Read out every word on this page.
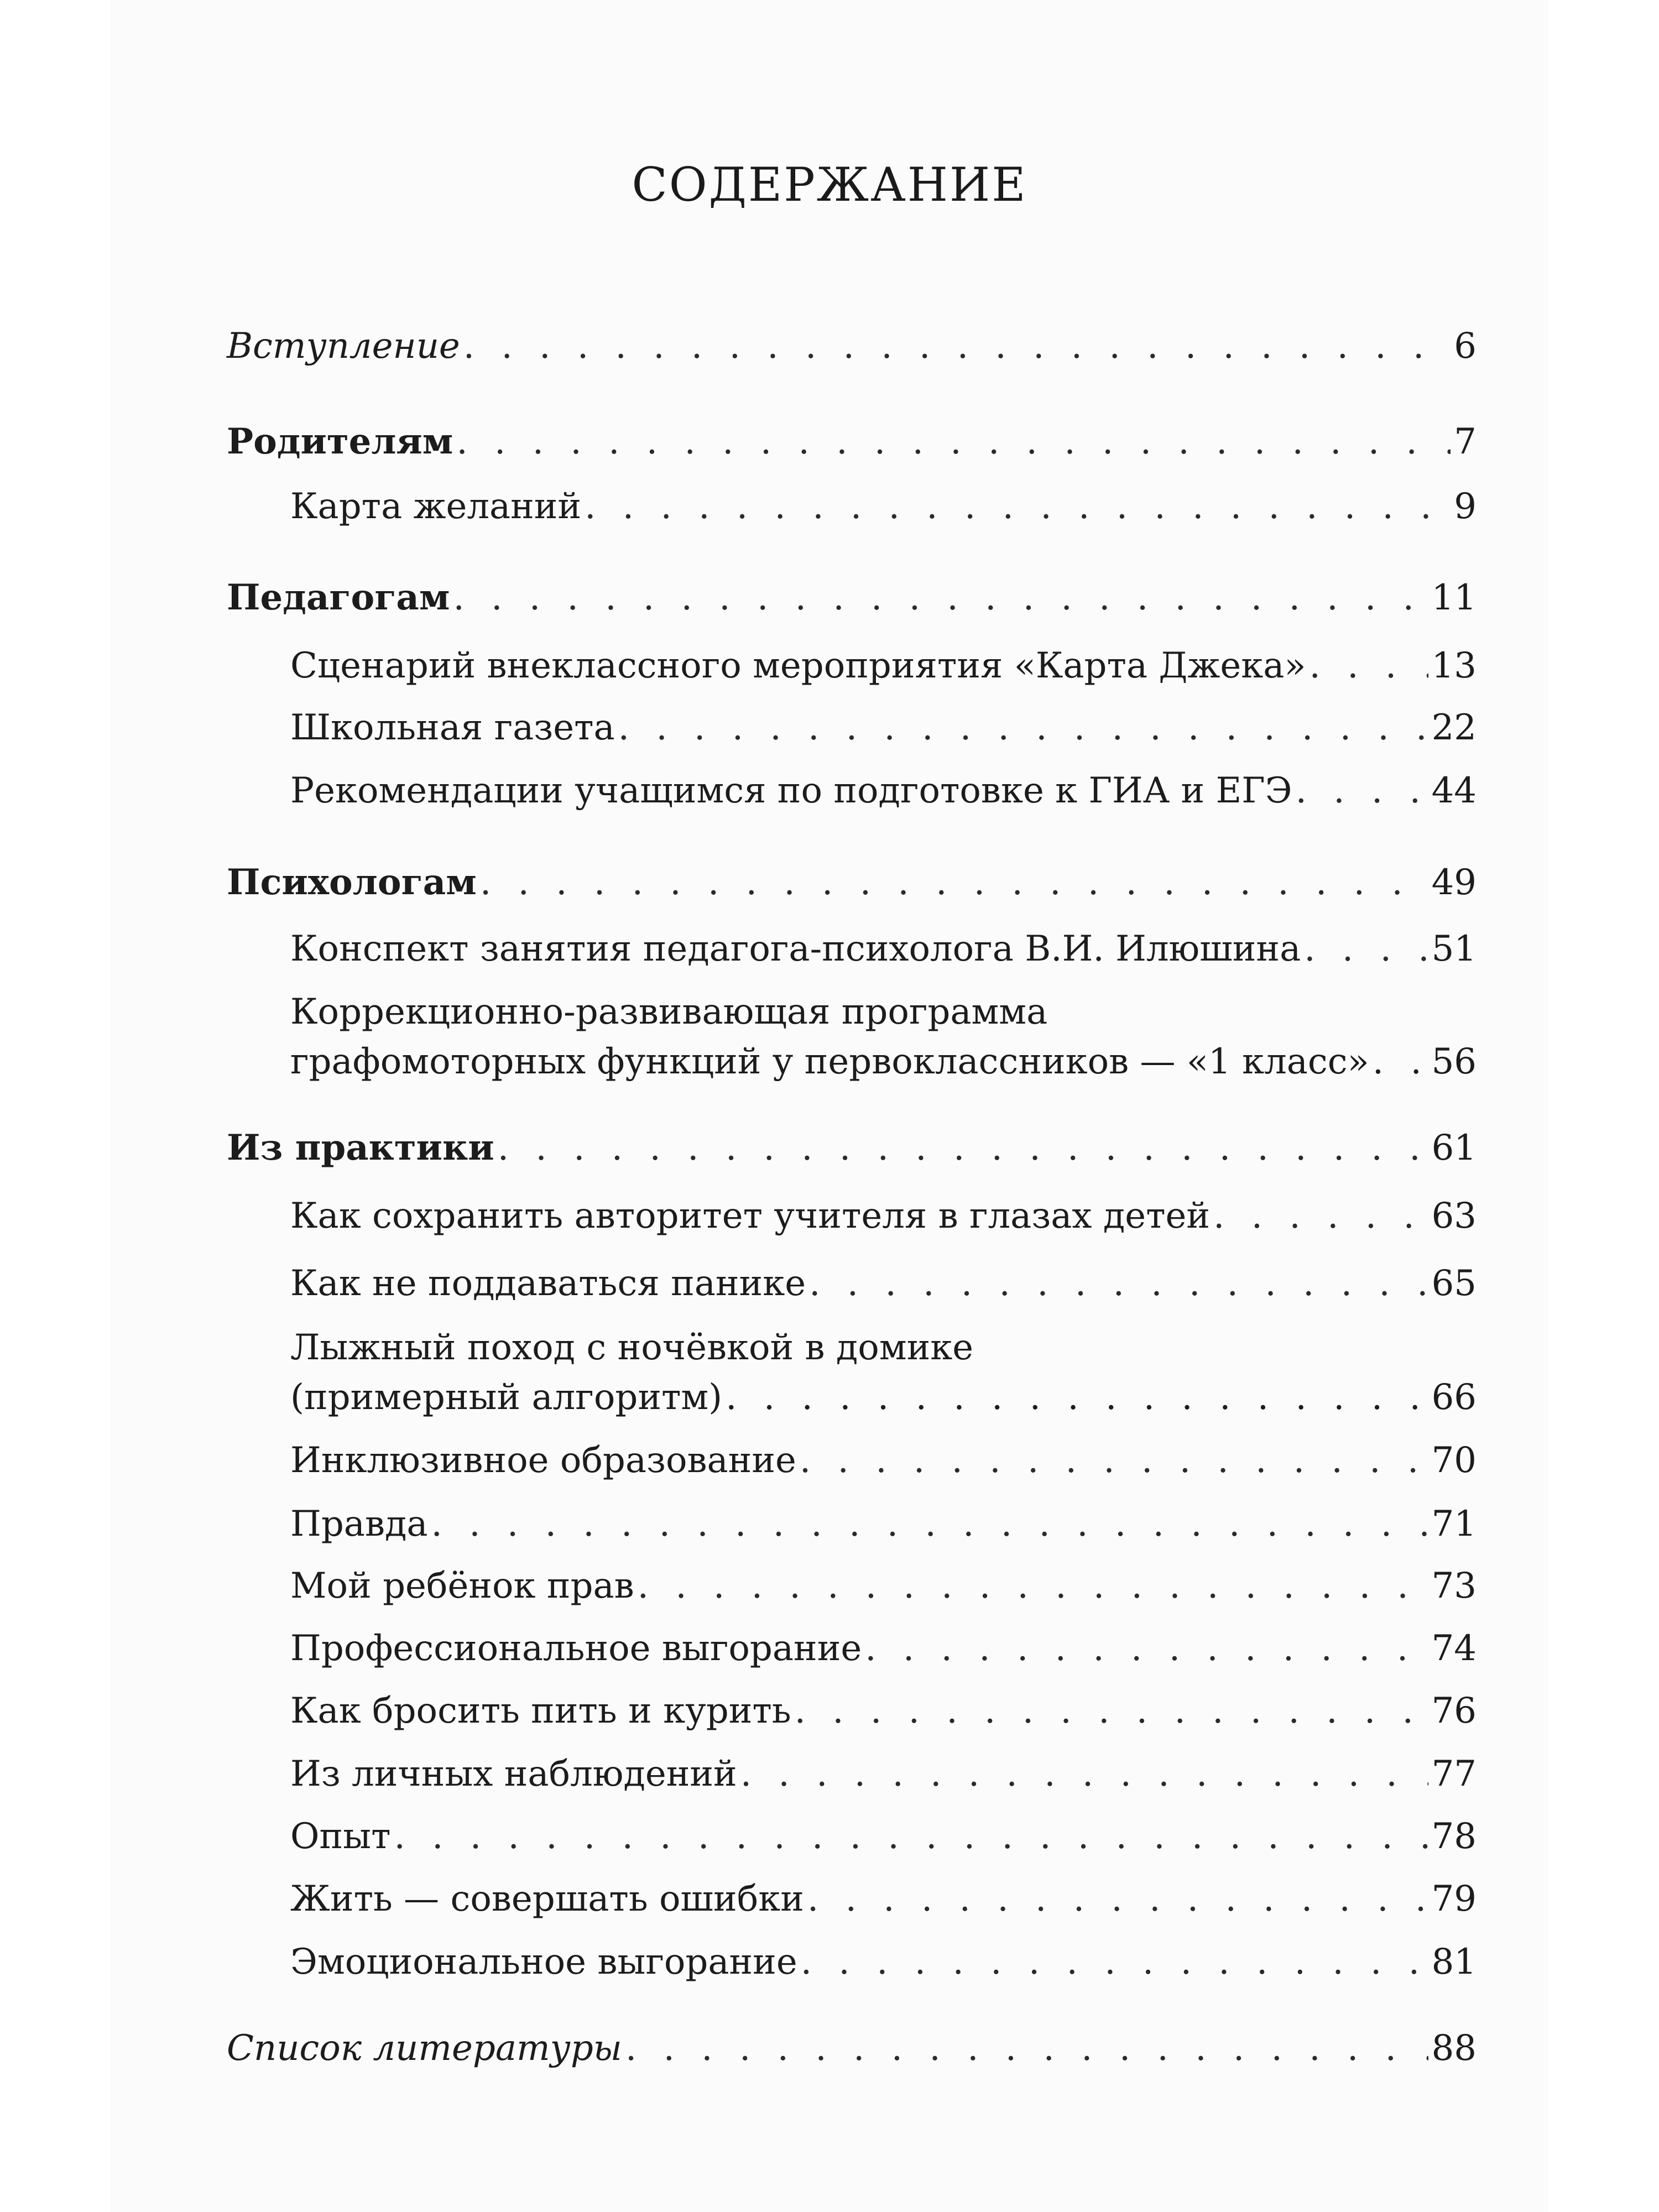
СОДЕРЖАНИЕ
Вступление . . .	6
Родителям . . .	7
Карта желаний . . .	9
Педагогам . . .	11
Сценарий внеклассного мероприятия «Карта Джека» . . .	13
Школьная газета . . .	22
Рекомендации учащимся по подготовке к ГИА и ЕГЭ . . .	44
Психологам . . .	49
Конспект занятия педагога-психолога В.И. Илюшина . . .	51
Коррекционно-развивающая программа
графомоторных функций у первоклассников — «1 класс» . . . 56
Из практики . . .	61
Как сохранить авторитет учителя в глазах детей . . .	63
Как не поддаваться панике . . .	65
Лыжный поход с ночёвкой в домике
(примерный алгоритм) . . .	66
Инклюзивное образование . . .	70
Правда . . .	71
Мой ребёнок прав . . .	73
Профессиональное выгорание . . .	74
Как бросить пить и курить . . .	76
Из личных наблюдений . . .	77
Опыт . . .	78
Жить — совершать ошибки . . .	79
Эмоциональное выгорание . . .	81
Список литературы . . .	88
